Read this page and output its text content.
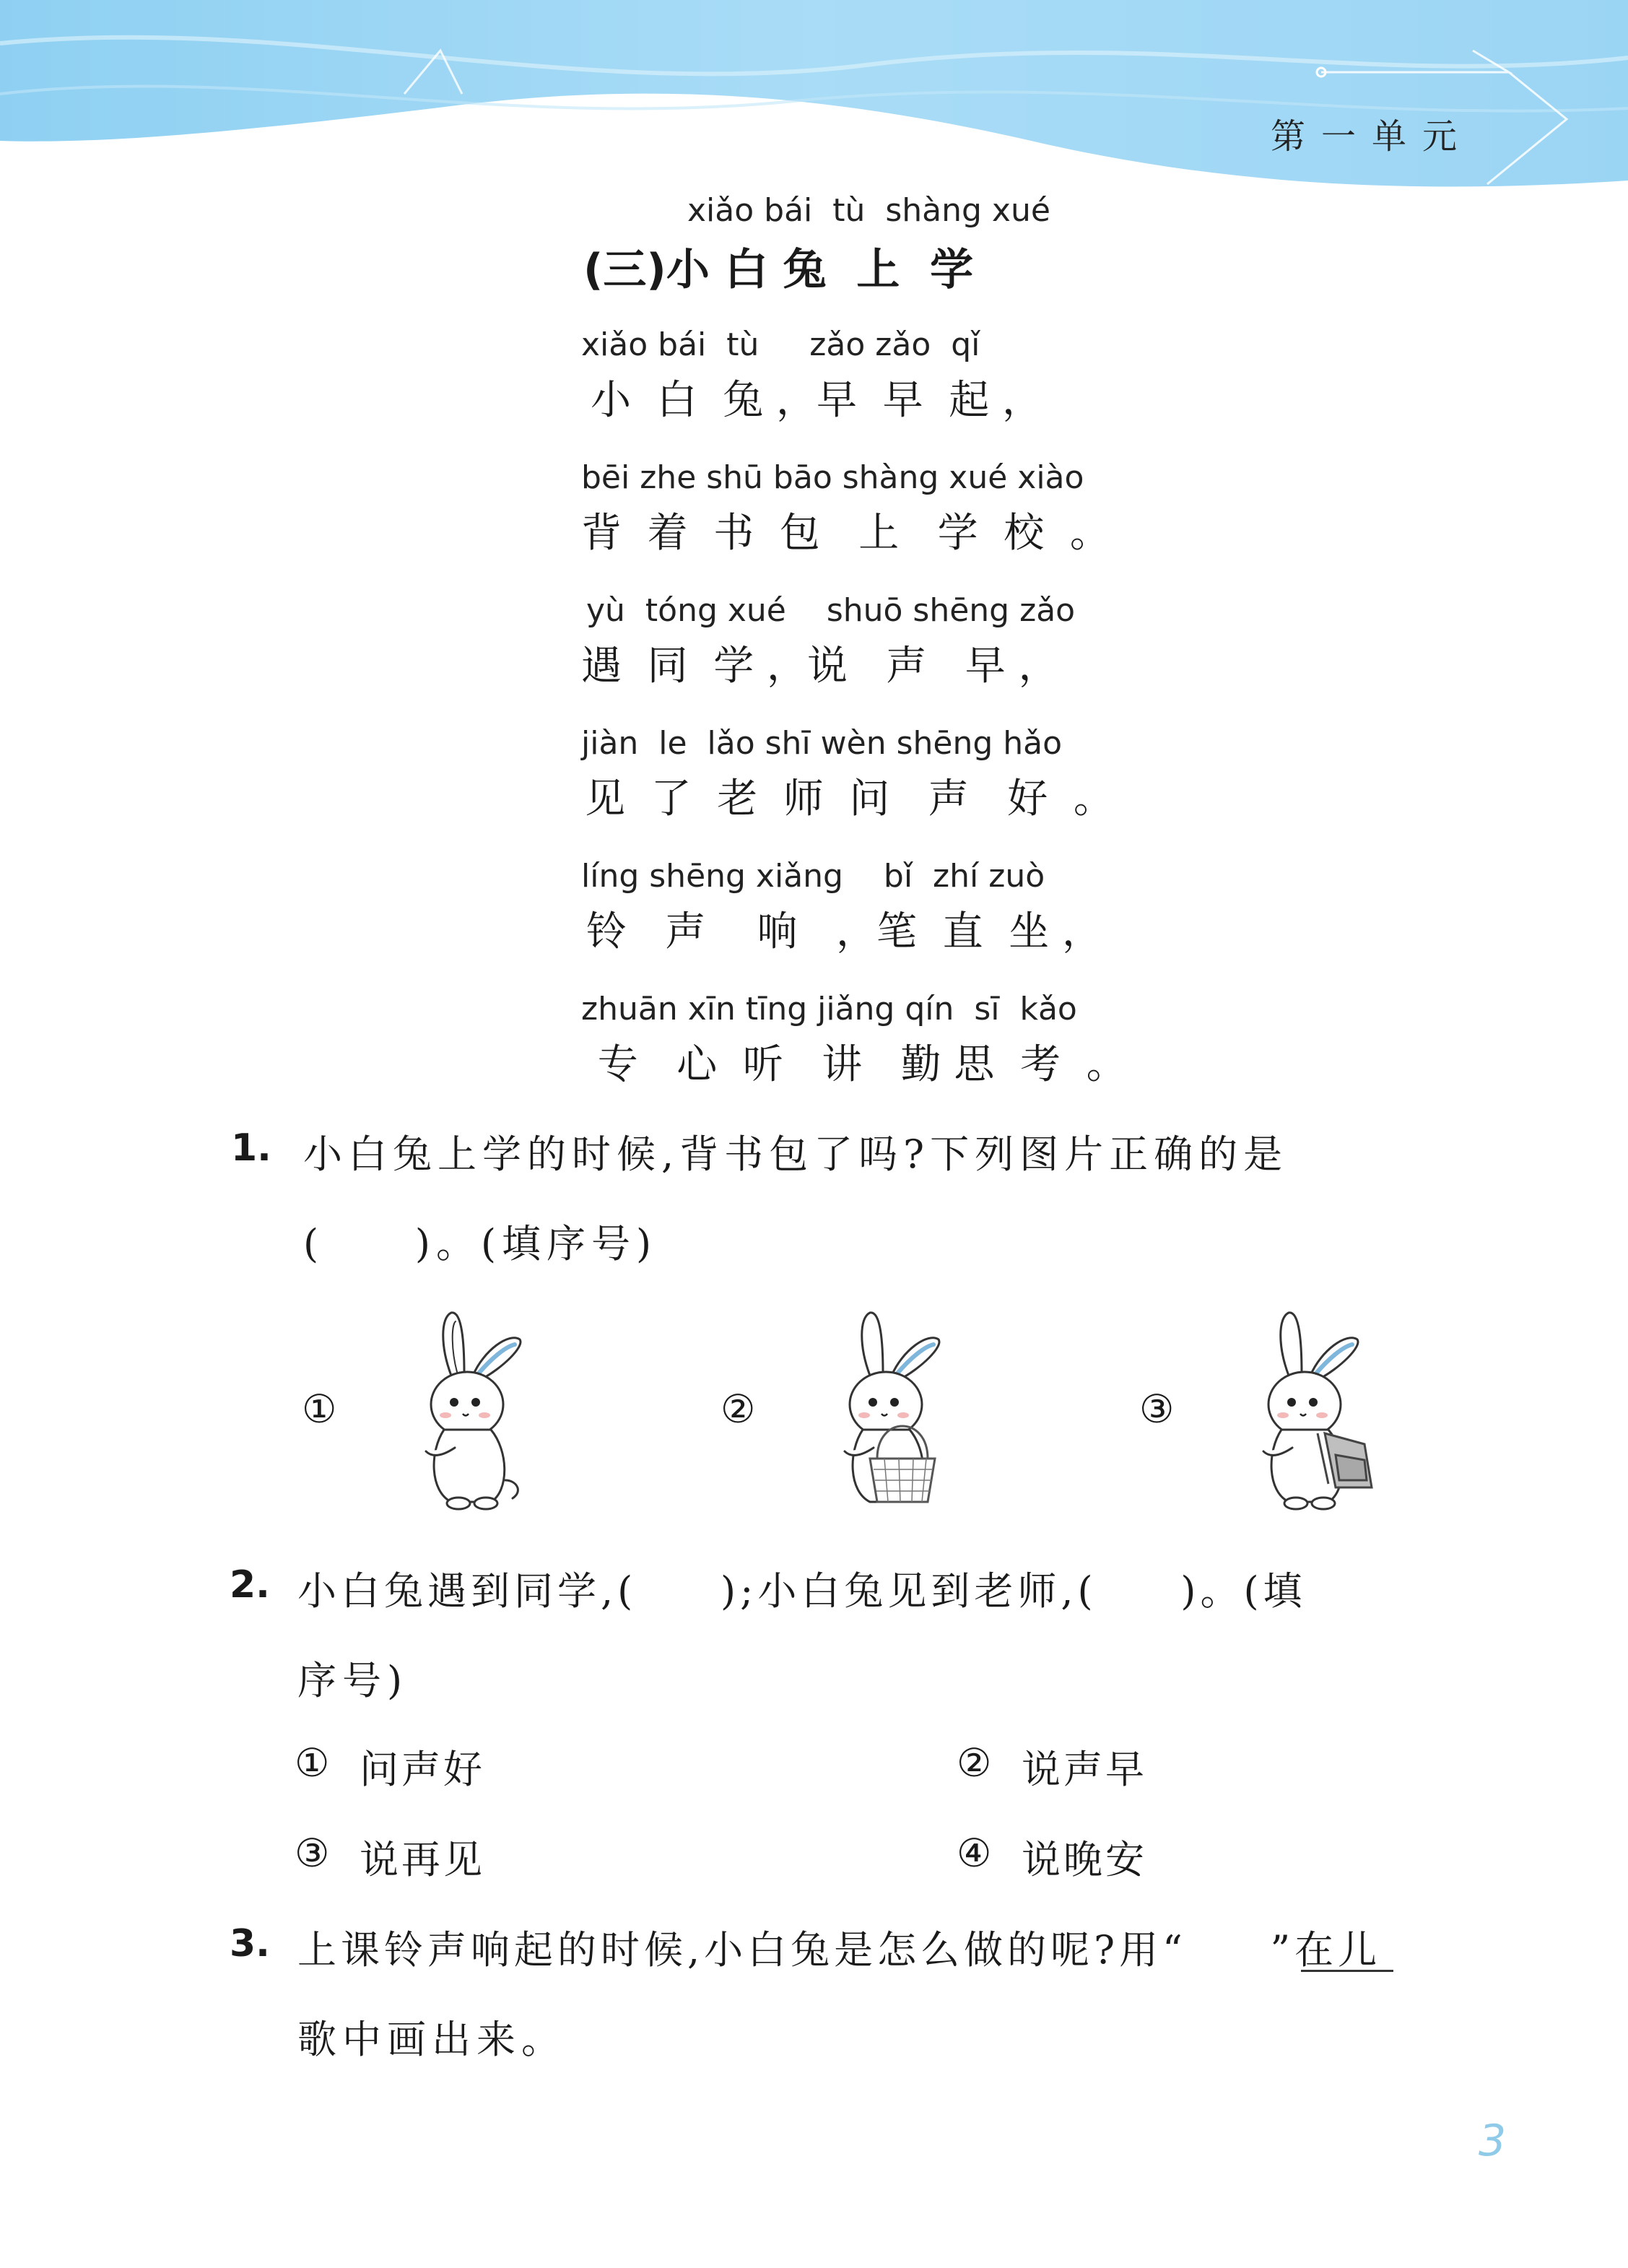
第一单元
xiǎo bái  tù  shàng xué
(三)小 白 兔  上  学
xiǎo bái  tù     zǎo zǎo  qǐ
小  白  兔 ，早  早  起 ，
bēi zhe shū bāo shàng xué xiào
背  着  书  包   上   学  校  。
yù  tóng xué    shuō shēng zǎo
遇  同  学 ，说   声   早 ，
jiàn  le  lǎo shī wèn shēng hǎo
见  了  老  师  问   声   好  。
líng shēng xiǎng    bǐ  zhí zuò
铃   声    响   ，笔  直  坐 ，
zhuān xīn tīng jiǎng qín  sī  kǎo
专   心  听   讲   勤 思  考  。
1. 小白兔上学的时候,背书包了吗?下列图片正确的是
(     )。(填序号)
①	②	③
2. 小白兔遇到同学,(     );小白兔见到老师,(     )。(填
序号)
① 问声好	② 说声早
③ 说再见	④ 说晚安
3. 上课铃声响起的时候,小白兔是怎么做的呢?用“     ”在儿
歌中画出来。
3
